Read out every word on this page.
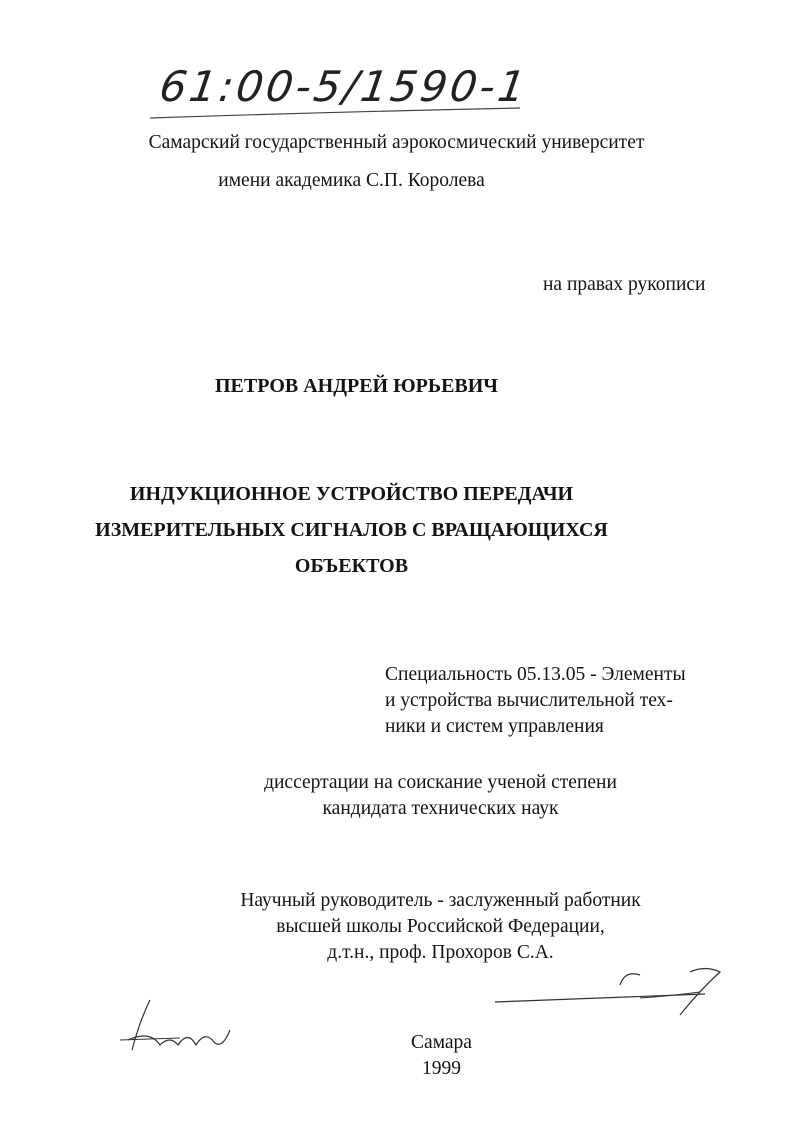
61:00-5/1590-1
Самарский государственный аэрокосмический университет
имени академика С.П. Королева
на правах рукописи
ПЕТРОВ АНДРЕЙ ЮРЬЕВИЧ
ИНДУКЦИОННОЕ УСТРОЙСТВО ПЕРЕДАЧИ
ИЗМЕРИТЕЛЬНЫХ СИГНАЛОВ С ВРАЩАЮЩИХСЯ
ОБЪЕКТОВ
Специальность 05.13.05 - Элементы
и устройства вычислительной тех-
ники и систем управления
диссертации на соискание ученой степени
кандидата технических наук
Научный руководитель - заслуженный работник
высшей школы Российской Федерации,
д.т.н., проф. Прохоров С.А.
Самара
1999
